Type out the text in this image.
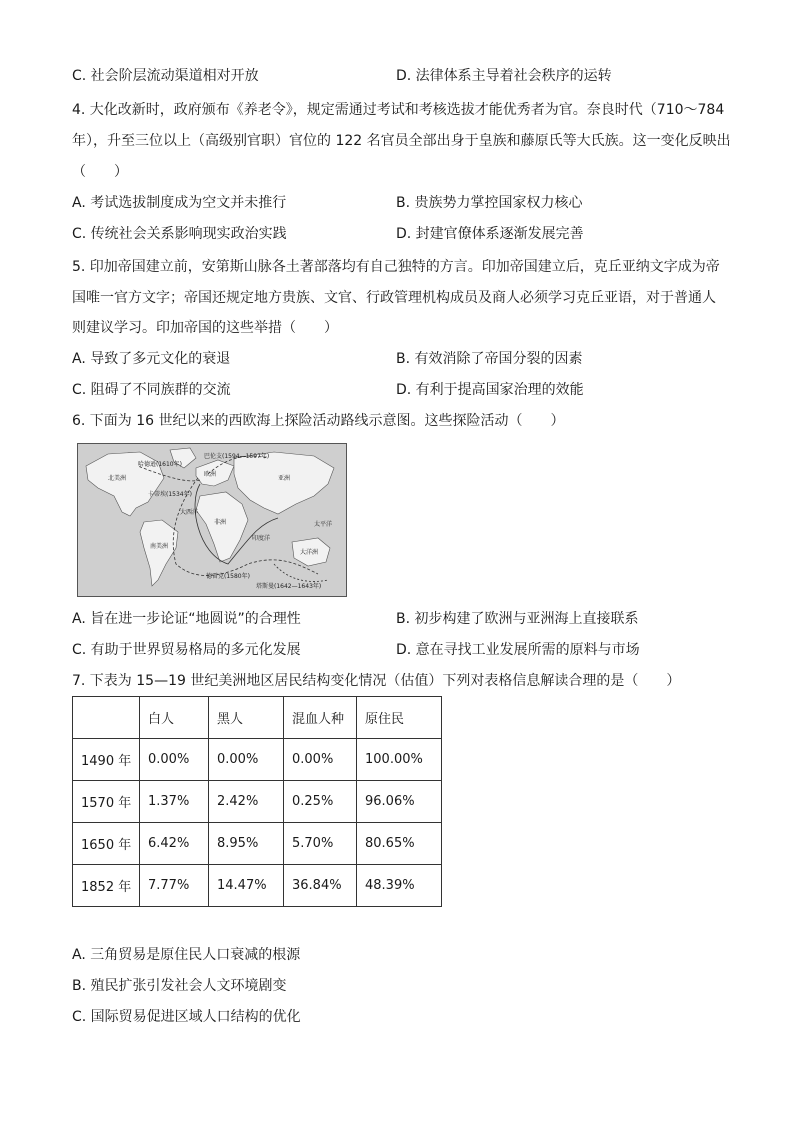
C. 社会阶层流动渠道相对开放	D. 法律体系主导着社会秩序的运转
4. 大化改新时，政府颁布《养老令》，规定需通过考试和考核选拔才能优秀者为官。奈良时代（710～784
年），升至三位以上（高级别官职）官位的 122 名官员全部出身于皇族和藤原氏等大氏族。这一变化反映出
（　　）
A. 考试选拔制度成为空文并未推行	B. 贵族势力掌控国家权力核心
C. 传统社会关系影响现实政治实践	D. 封建官僚体系逐渐发展完善
5. 印加帝国建立前，安第斯山脉各土著部落均有自己独特的方言。印加帝国建立后，克丘亚纳文字成为帝
国唯一官方文字；帝国还规定地方贵族、文官、行政管理机构成员及商人必须学习克丘亚语，对于普通人
则建议学习。印加帝国的这些举措（　　）
A. 导致了多元文化的衰退	B. 有效消除了帝国分裂的因素
C. 阻碍了不同族群的交流	D. 有利于提高国家治理的效能
6. 下面为 16 世纪以来的西欧海上探险活动路线示意图。这些探险活动（　　）
北美洲
南美洲
非洲
亚洲
大洋洲
欧洲
太平洋
大西洋
印度洋
哈德逊(1610年)
巴伦支(1594—1597年)
卡蒂埃(1534年)
德雷克(1580年)
塔斯曼(1642—1643年)
A. 旨在进一步论证“地圆说”的合理性	B. 初步构建了欧洲与亚洲海上直接联系
C. 有助于世界贸易格局的多元化发展	D. 意在寻找工业发展所需的原料与市场
7. 下表为 15—19 世纪美洲地区居民结构变化情况（估值）下列对表格信息解读合理的是（　　）
	白人	黑人	混血人种	原住民
1490 年	0.00%	0.00%	0.00%	100.00%
1570 年	1.37%	2.42%	0.25%	96.06%
1650 年	6.42%	8.95%	5.70%	80.65%
1852 年	7.77%	14.47%	36.84%	48.39%
A. 三角贸易是原住民人口衰减的根源
B. 殖民扩张引发社会人文环境剧变
C. 国际贸易促进区域人口结构的优化
